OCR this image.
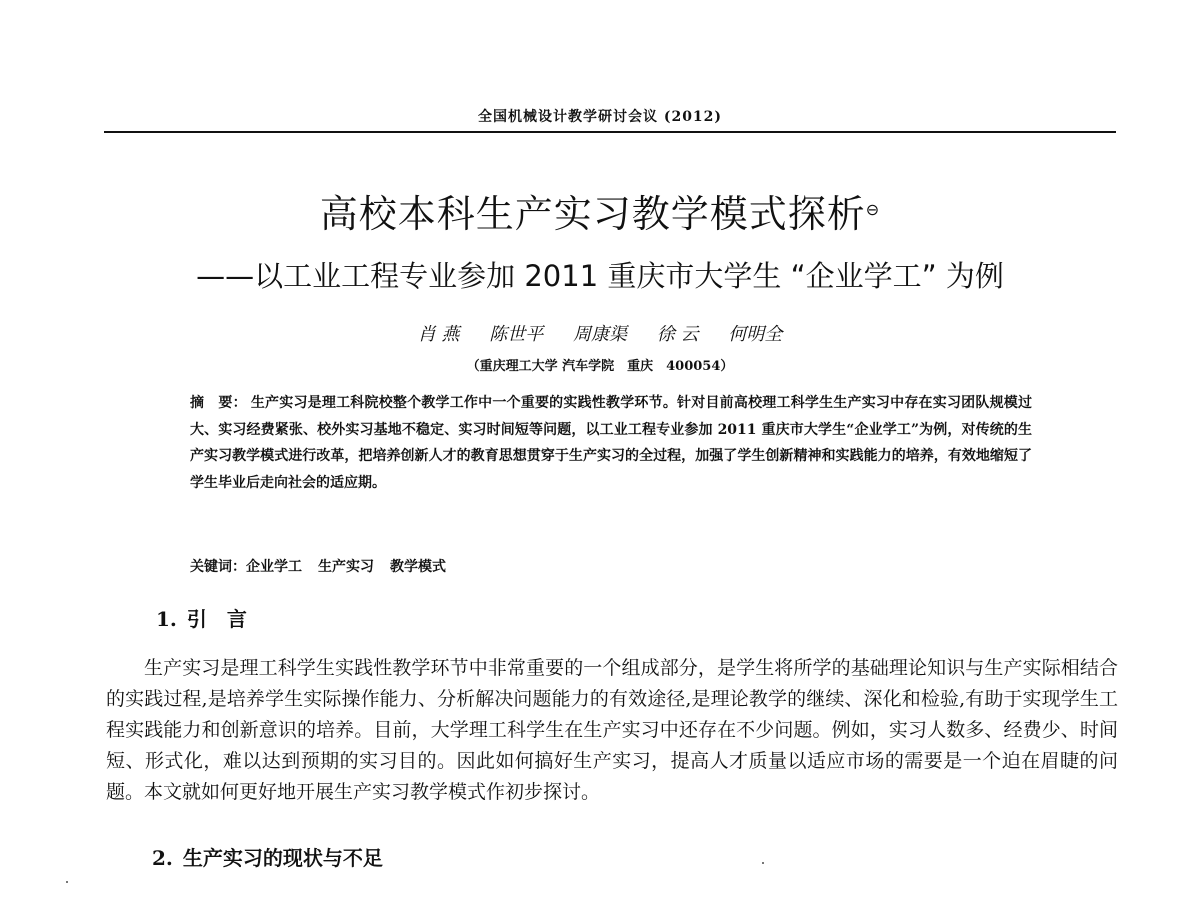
全国机械设计教学研讨会议 (2012)
高校本科生产实习教学模式探析⊖
——以工业工程专业参加 2011 重庆市大学生 “企业学工” 为例
肖 燕 陈世平 周康渠 徐 云 何明全
（重庆理工大学 汽车学院　重庆　400054）
摘　要： 生产实习是理工科院校整个教学工作中一个重要的实践性教学环节。针对目前高校理工科学生生产实习中存在实习团队规模过大、实习经费紧张、校外实习基地不稳定、实习时间短等问题，以工业工程专业参加 2011 重庆市大学生“企业学工”为例，对传统的生产实习教学模式进行改革，把培养创新人才的教育思想贯穿于生产实习的全过程，加强了学生创新精神和实践能力的培养，有效地缩短了学生毕业后走向社会的适应期。
关键词：企业学工 生产实习 教学模式
1. 引　言
生产实习是理工科学生实践性教学环节中非常重要的一个组成部分，是学生将所学的基础理论知识与生产实际相结合的实践过程,是培养学生实际操作能力、分析解决问题能力的有效途径,是理论教学的继续、深化和检验,有助于实现学生工程实践能力和创新意识的培养。目前，大学理工科学生在生产实习中还存在不少问题。例如，实习人数多、经费少、时间短、形式化，难以达到预期的实习目的。因此如何搞好生产实习，提高人才质量以适应市场的需要是一个迫在眉睫的问题。本文就如何更好地开展生产实习教学模式作初步探讨。
2. 生产实习的现状与不足
